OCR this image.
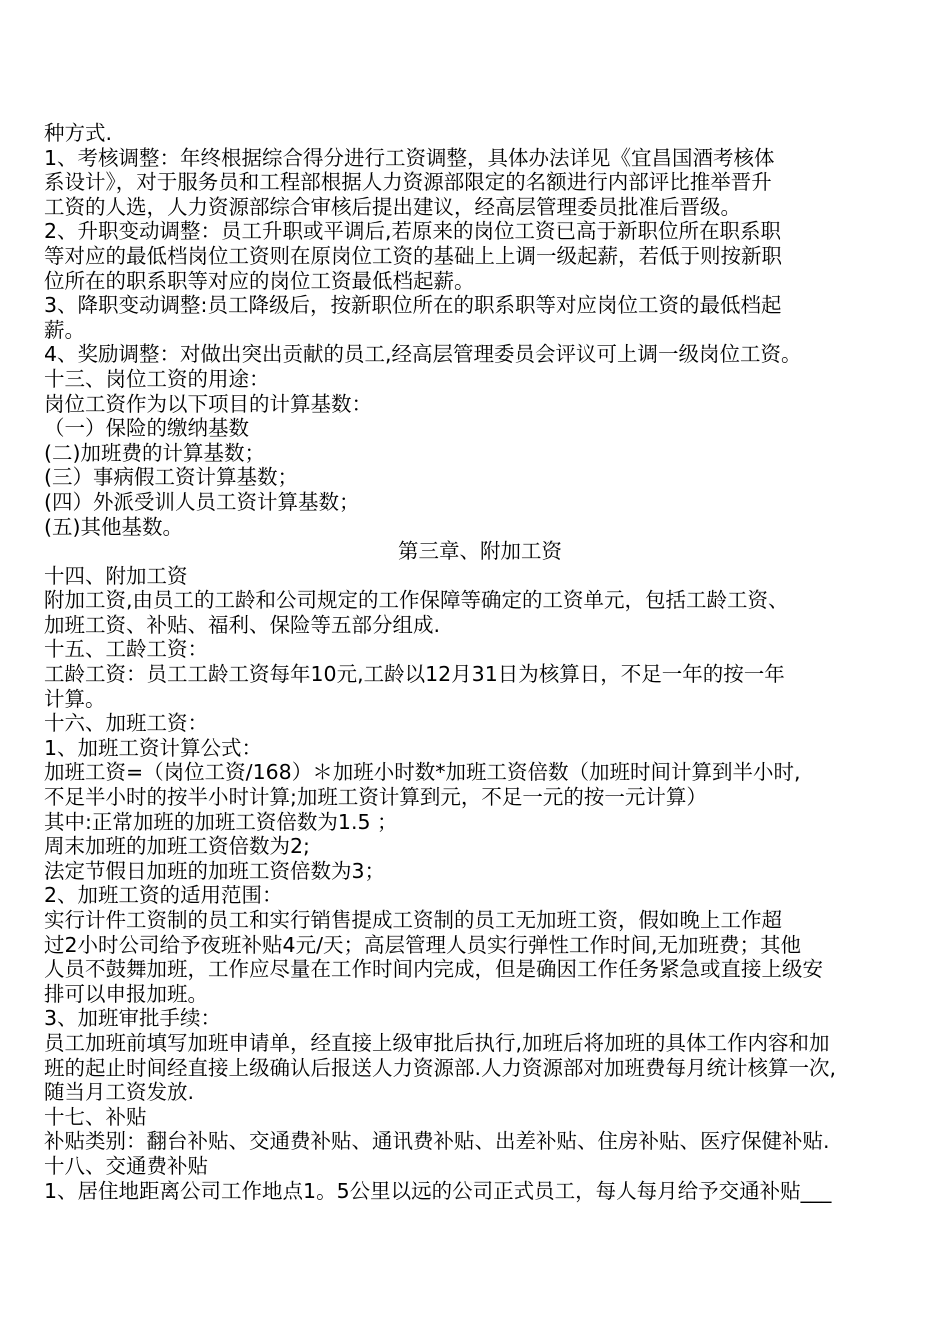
种方式.

1、考核调整：年终根据综合得分进行工资调整，具体办法详见《宜昌国酒考核体

系设计》，对于服务员和工程部根据人力资源部限定的名额进行内部评比推举晋升

工资的人选，人力资源部综合审核后提出建议，经高层管理委员批准后晋级。

2、升职变动调整：员工升职或平调后,若原来的岗位工资已高于新职位所在职系职

等对应的最低档岗位工资则在原岗位工资的基础上上调一级起薪，若低于则按新职

位所在的职系职等对应的岗位工资最低档起薪。

3、降职变动调整:员工降级后，按新职位所在的职系职等对应岗位工资的最低档起

薪。

4、奖励调整：对做出突出贡献的员工,经高层管理委员会评议可上调一级岗位工资。

十三、岗位工资的用途：

岗位工资作为以下项目的计算基数：

（一）保险的缴纳基数

(二)加班费的计算基数；

(三）事病假工资计算基数；

(四）外派受训人员工资计算基数；

(五)其他基数。

第三章、附加工资

十四、附加工资

附加工资,由员工的工龄和公司规定的工作保障等确定的工资单元，包括工龄工资、

加班工资、补贴、福利、保险等五部分组成.

十五、工龄工资：

工龄工资：员工工龄工资每年10元,工龄以12月31日为核算日，不足一年的按一年

计算。

十六、加班工资：

1、加班工资计算公式：

加班工资=（岗位工资/168）＊加班小时数*加班工资倍数（加班时间计算到半小时,

不足半小时的按半小时计算;加班工资计算到元，不足一元的按一元计算）

其中:正常加班的加班工资倍数为1.5 ；

周末加班的加班工资倍数为2;

法定节假日加班的加班工资倍数为3；

2、加班工资的适用范围：

实行计件工资制的员工和实行销售提成工资制的员工无加班工资，假如晚上工作超

过2小时公司给予夜班补贴4元/天；高层管理人员实行弹性工作时间,无加班费；其他

人员不鼓舞加班，工作应尽量在工作时间内完成，但是确因工作任务紧急或直接上级安

排可以申报加班。

3、加班审批手续：

员工加班前填写加班申请单，经直接上级审批后执行,加班后将加班的具体工作内容和加

班的起止时间经直接上级确认后报送人力资源部.人力资源部对加班费每月统计核算一次,

随当月工资发放.

十七、补贴

补贴类别：翻台补贴、交通费补贴、通讯费补贴、出差补贴、住房补贴、医疗保健补贴.

十八、交通费补贴

1、居住地距离公司工作地点1。5公里以远的公司正式员工，每人每月给予交通补贴___
